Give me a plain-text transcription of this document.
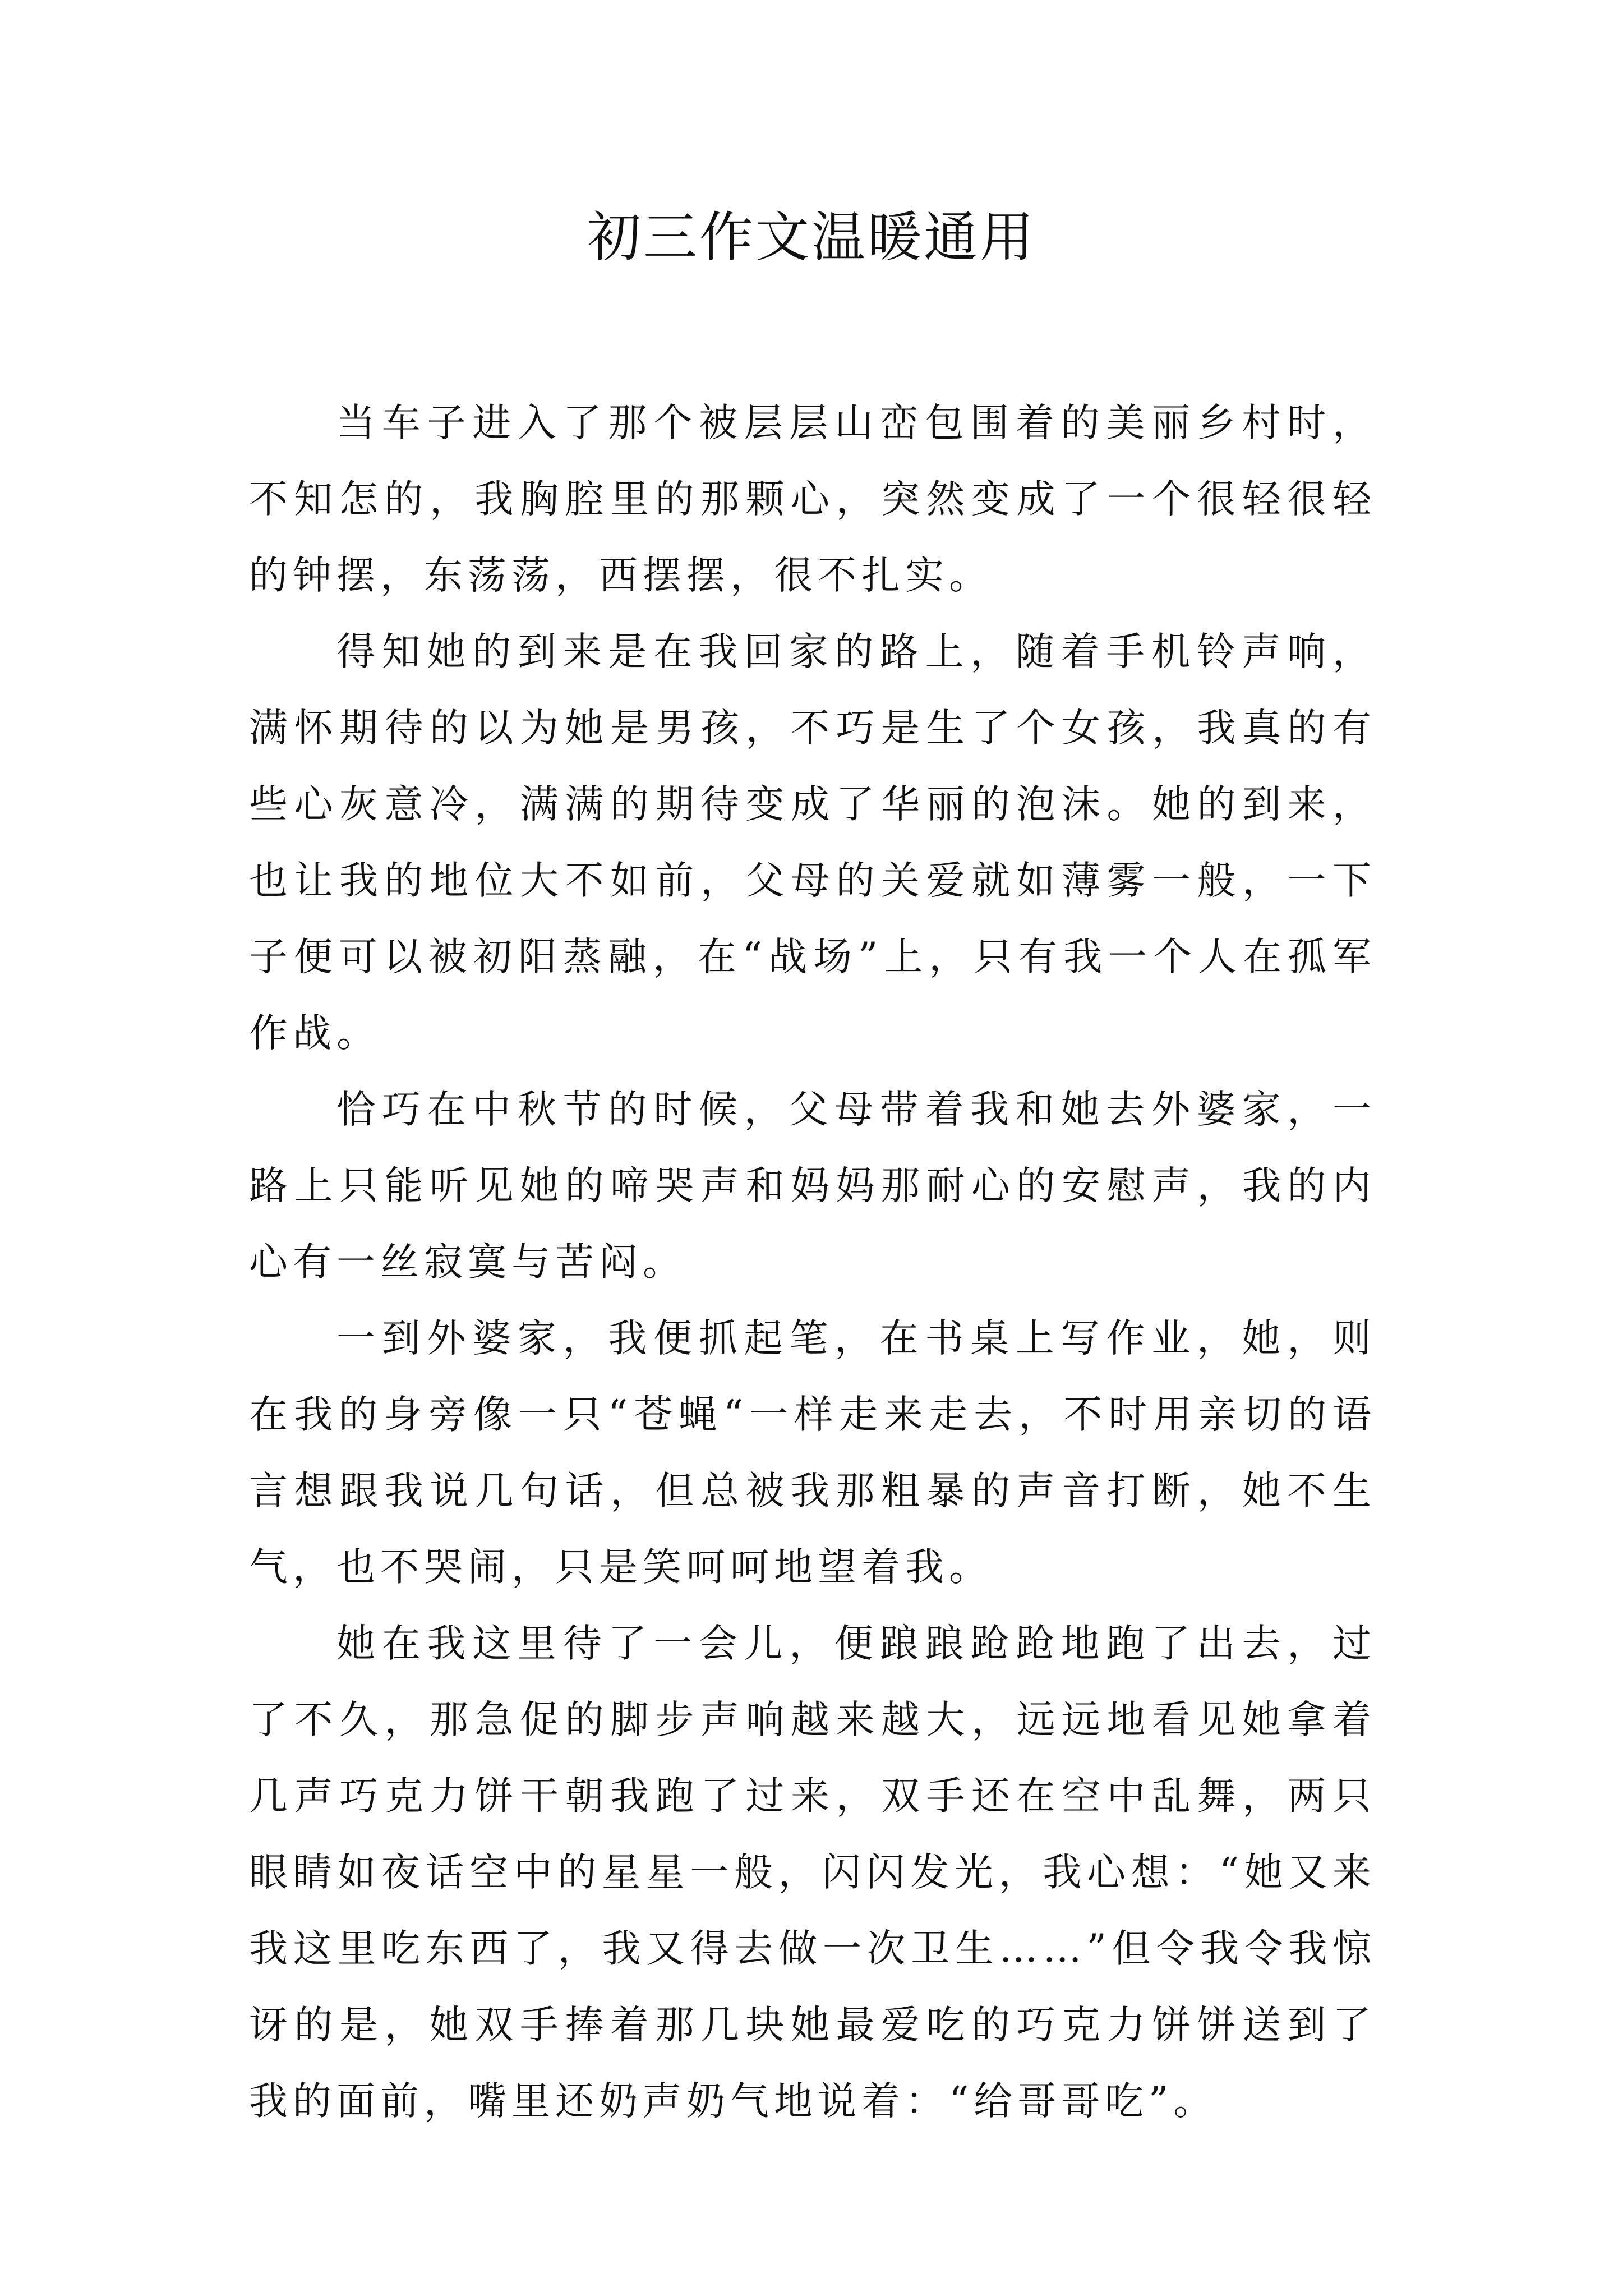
初三作文温暖通用

当车子进入了那个被层层山峦包围着的美丽乡村时，不知怎的，我胸腔里的那颗心，突然变成了一个很轻很轻的钟摆，东荡荡，西摆摆，很不扎实。

得知她的到来是在我回家的路上，随着手机铃声响，满怀期待的以为她是男孩，不巧是生了个女孩，我真的有些心灰意冷，满满的期待变成了华丽的泡沫。她的到来，也让我的地位大不如前，父母的关爱就如薄雾一般，一下子便可以被初阳蒸融，在“战场”上，只有我一个人在孤军作战。

恰巧在中秋节的时候，父母带着我和她去外婆家，一路上只能听见她的啼哭声和妈妈那耐心的安慰声，我的内心有一丝寂寞与苦闷。

一到外婆家，我便抓起笔，在书桌上写作业，她，则在我的身旁像一只“苍蝇“一样走来走去，不时用亲切的语言想跟我说几句话，但总被我那粗暴的声音打断，她不生气，也不哭闹，只是笑呵呵地望着我。

她在我这里待了一会儿，便踉踉跄跄地跑了出去，过了不久，那急促的脚步声响越来越大，远远地看见她拿着几声巧克力饼干朝我跑了过来，双手还在空中乱舞，两只眼睛如夜话空中的星星一般，闪闪发光，我心想：“她又来我这里吃东西了，我又得去做一次卫生……”但令我令我惊讶的是，她双手捧着那几块她最爱吃的巧克力饼饼送到了我的面前，嘴里还奶声奶气地说着：“给哥哥吃”。
